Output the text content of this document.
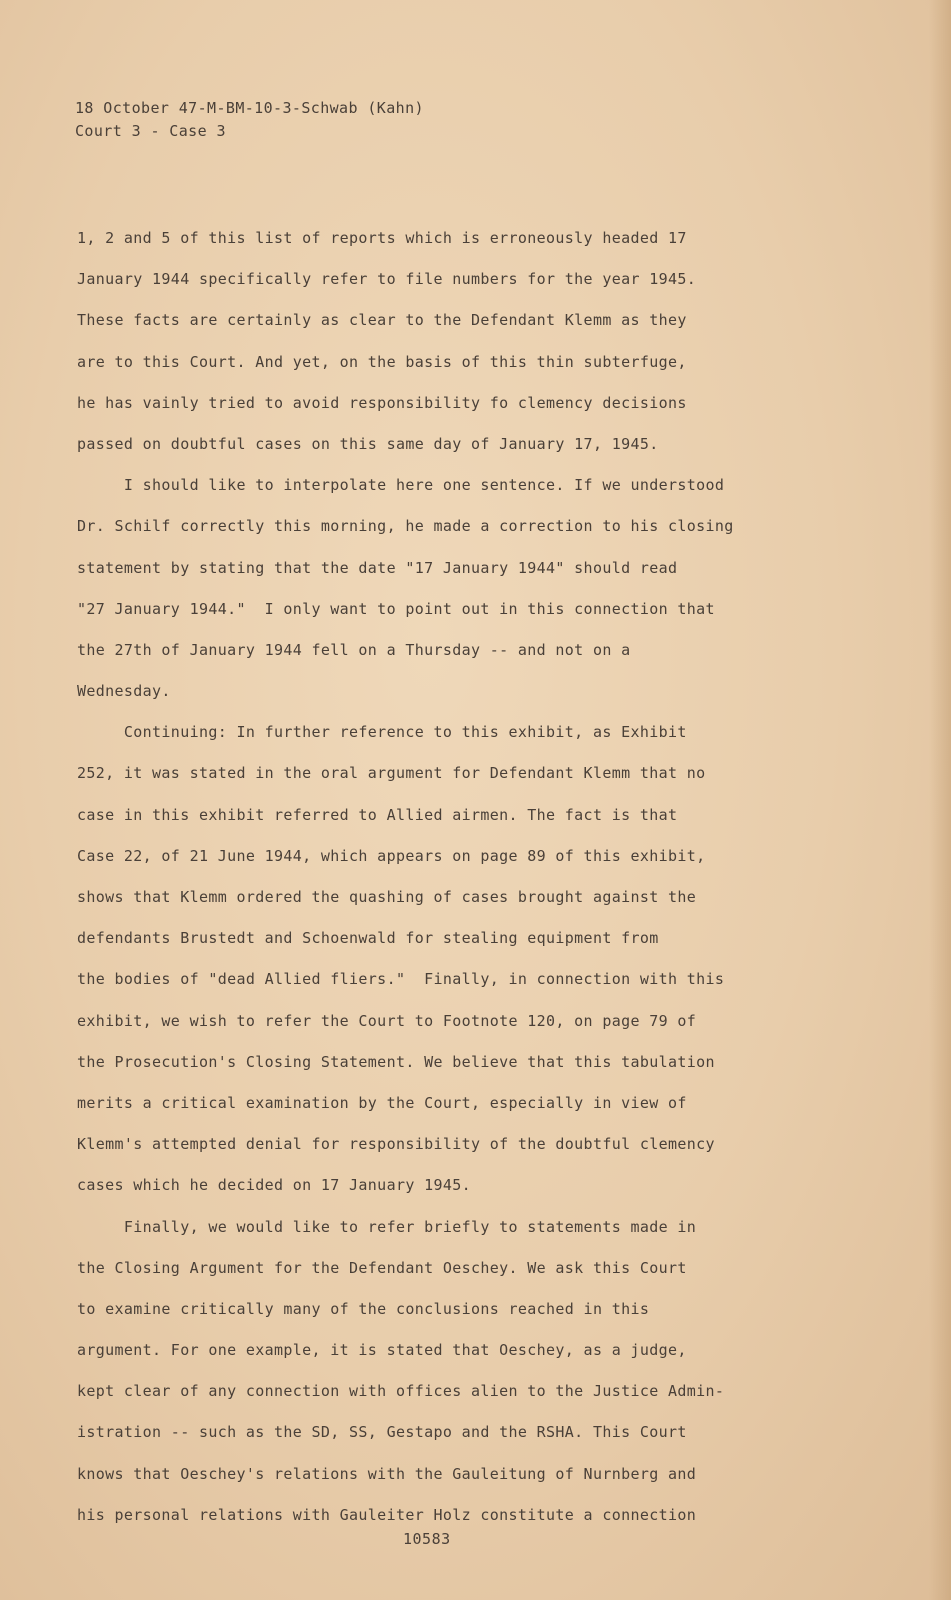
18 October 47-M-BM-10-3-Schwab (Kahn)
Court 3 - Case 3
1, 2 and 5 of this list of reports which is erroneously headed 17
January 1944 specifically refer to file numbers for the year 1945.
These facts are certainly as clear to the Defendant Klemm as they
are to this Court. And yet, on the basis of this thin subterfuge,
he has vainly tried to avoid responsibility fo clemency decisions
passed on doubtful cases on this same day of January 17, 1945.
I should like to interpolate here one sentence. If we understood
Dr. Schilf correctly this morning, he made a correction to his closing
statement by stating that the date "17 January 1944" should read
"27 January 1944."  I only want to point out in this connection that
the 27th of January 1944 fell on a Thursday -- and not on a
Wednesday.
Continuing: In further reference to this exhibit, as Exhibit
252, it was stated in the oral argument for Defendant Klemm that no
case in this exhibit referred to Allied airmen. The fact is that
Case 22, of 21 June 1944, which appears on page 89 of this exhibit,
shows that Klemm ordered the quashing of cases brought against the
defendants Brustedt and Schoenwald for stealing equipment from
the bodies of "dead Allied fliers."  Finally, in connection with this
exhibit, we wish to refer the Court to Footnote 120, on page 79 of
the Prosecution's Closing Statement. We believe that this tabulation
merits a critical examination by the Court, especially in view of
Klemm's attempted denial for responsibility of the doubtful clemency
cases which he decided on 17 January 1945.
Finally, we would like to refer briefly to statements made in
the Closing Argument for the Defendant Oeschey. We ask this Court
to examine critically many of the conclusions reached in this
argument. For one example, it is stated that Oeschey, as a judge,
kept clear of any connection with offices alien to the Justice Admin-
istration -- such as the SD, SS, Gestapo and the RSHA. This Court
knows that Oeschey's relations with the Gauleitung of Nurnberg and
his personal relations with Gauleiter Holz constitute a connection
10583
